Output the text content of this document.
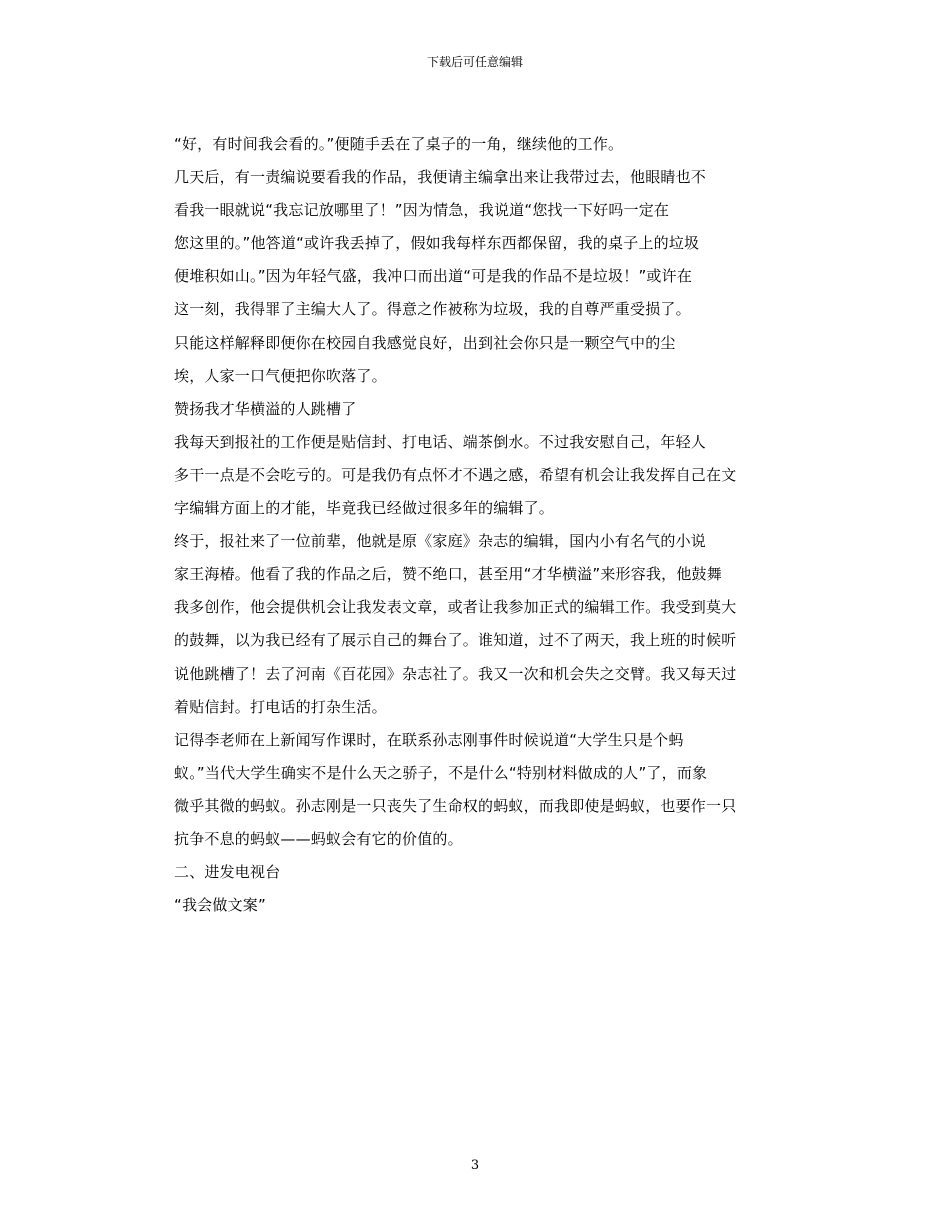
下载后可任意编辑
“好，有时间我会看的。”便随手丢在了桌子的一角，继续他的工作。
几天后，有一责编说要看我的作品，我便请主编拿出来让我带过去，他眼睛也不
看我一眼就说“我忘记放哪里了！”因为情急，我说道“您找一下好吗一定在
您这里的。”他答道“或许我丢掉了，假如我每样东西都保留，我的桌子上的垃圾
便堆积如山。”因为年轻气盛，我冲口而出道“可是我的作品不是垃圾！”或许在
这一刻，我得罪了主编大人了。得意之作被称为垃圾，我的自尊严重受损了。
只能这样解释即便你在校园自我感觉良好，出到社会你只是一颗空气中的尘
埃，人家一口气便把你吹落了。
赞扬我才华横溢的人跳槽了
我每天到报社的工作便是贴信封、打电话、端茶倒水。不过我安慰自己，年轻人
多干一点是不会吃亏的。可是我仍有点怀才不遇之感，希望有机会让我发挥自己在文
字编辑方面上的才能，毕竟我已经做过很多年的编辑了。
终于，报社来了一位前辈，他就是原《家庭》杂志的编辑，国内小有名气的小说
家王海椿。他看了我的作品之后，赞不绝口，甚至用“才华横溢”来形容我，他鼓舞
我多创作，他会提供机会让我发表文章，或者让我参加正式的编辑工作。我受到莫大
的鼓舞，以为我已经有了展示自己的舞台了。谁知道，过不了两天，我上班的时候听
说他跳槽了！去了河南《百花园》杂志社了。我又一次和机会失之交臂。我又每天过
着贴信封。打电话的打杂生活。
记得李老师在上新闻写作课时，在联系孙志刚事件时候说道“大学生只是个蚂
蚁。”当代大学生确实不是什么天之骄子，不是什么“特别材料做成的人”了，而象
微乎其微的蚂蚁。孙志刚是一只丧失了生命权的蚂蚁，而我即使是蚂蚁，也要作一只
抗争不息的蚂蚁——蚂蚁会有它的价值的。
二、进发电视台
“我会做文案”
3
